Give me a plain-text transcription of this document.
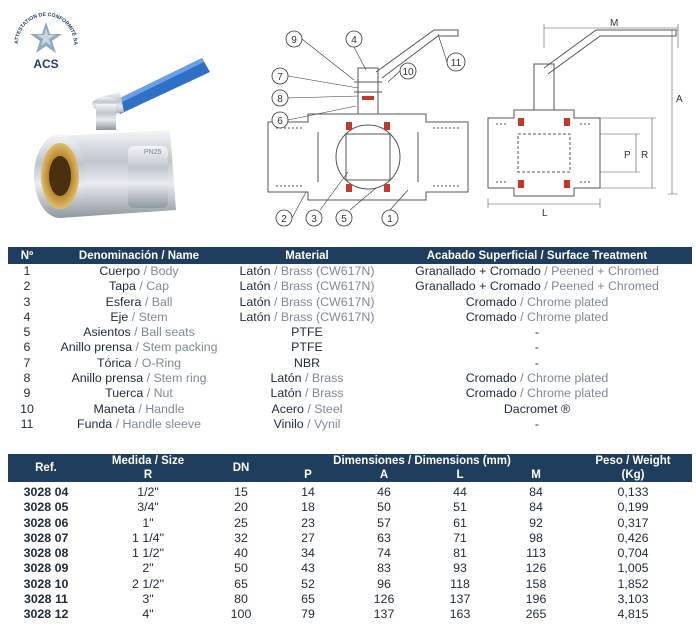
ATTESTATION DE CONFORMITÉ SA
ACS
PN25
9	4
7
8
6
10
11
2 3 5	1
M
A
P R
L
Nº	Denominación / Name	Material	Acabado Superficial / Surface Treatment
1	Cuerpo / Body	Latón / Brass (CW617N)	Granallado + Cromado / Peened + Chromed
2	Tapa / Cap	Latón / Brass (CW617N)	Granallado + Cromado / Peened + Chromed
3	Esfera / Ball	Latón / Brass (CW617N)	Cromado / Chrome plated
4	Eje / Stem	Latón / Brass (CW617N)	Cromado / Chrome plated
5	Asientos / Ball seats	PTFE	-
6	Anillo prensa / Stem packing	PTFE	-
7	Tórica / O-Ring	NBR	-
8	Anillo prensa / Stem ring	Latón / Brass	Cromado / Chrome plated
9	Tuerca / Nut	Latón / Brass	Cromado / Chrome plated
10	Maneta / Handle	Acero / Steel	Dacromet ®
11	Funda / Handle sleeve	Vinilo / Vynil	-
Ref.	Medida / Size	DN	Dimensiones / Dimensions (mm)				Peso / Weight
	R		P	A	L	M	(Kg)
3028 04	1/2"	15	14	46	44	84	0,133
3028 05	3/4"	20	18	50	51	84	0,199
3028 06	1"	25	23	57	61	92	0,317
3028 07	1 1/4"	32	27	63	71	98	0,426
3028 08	1 1/2"	40	34	74	81	113	0,704
3028 09	2"	50	43	83	93	126	1,005
3028 10	2 1/2"	65	52	96	118	158	1,852
3028 11	3"	80	65	126	137	196	3,103
3028 12	4"	100	79	137	163	265	4,815
